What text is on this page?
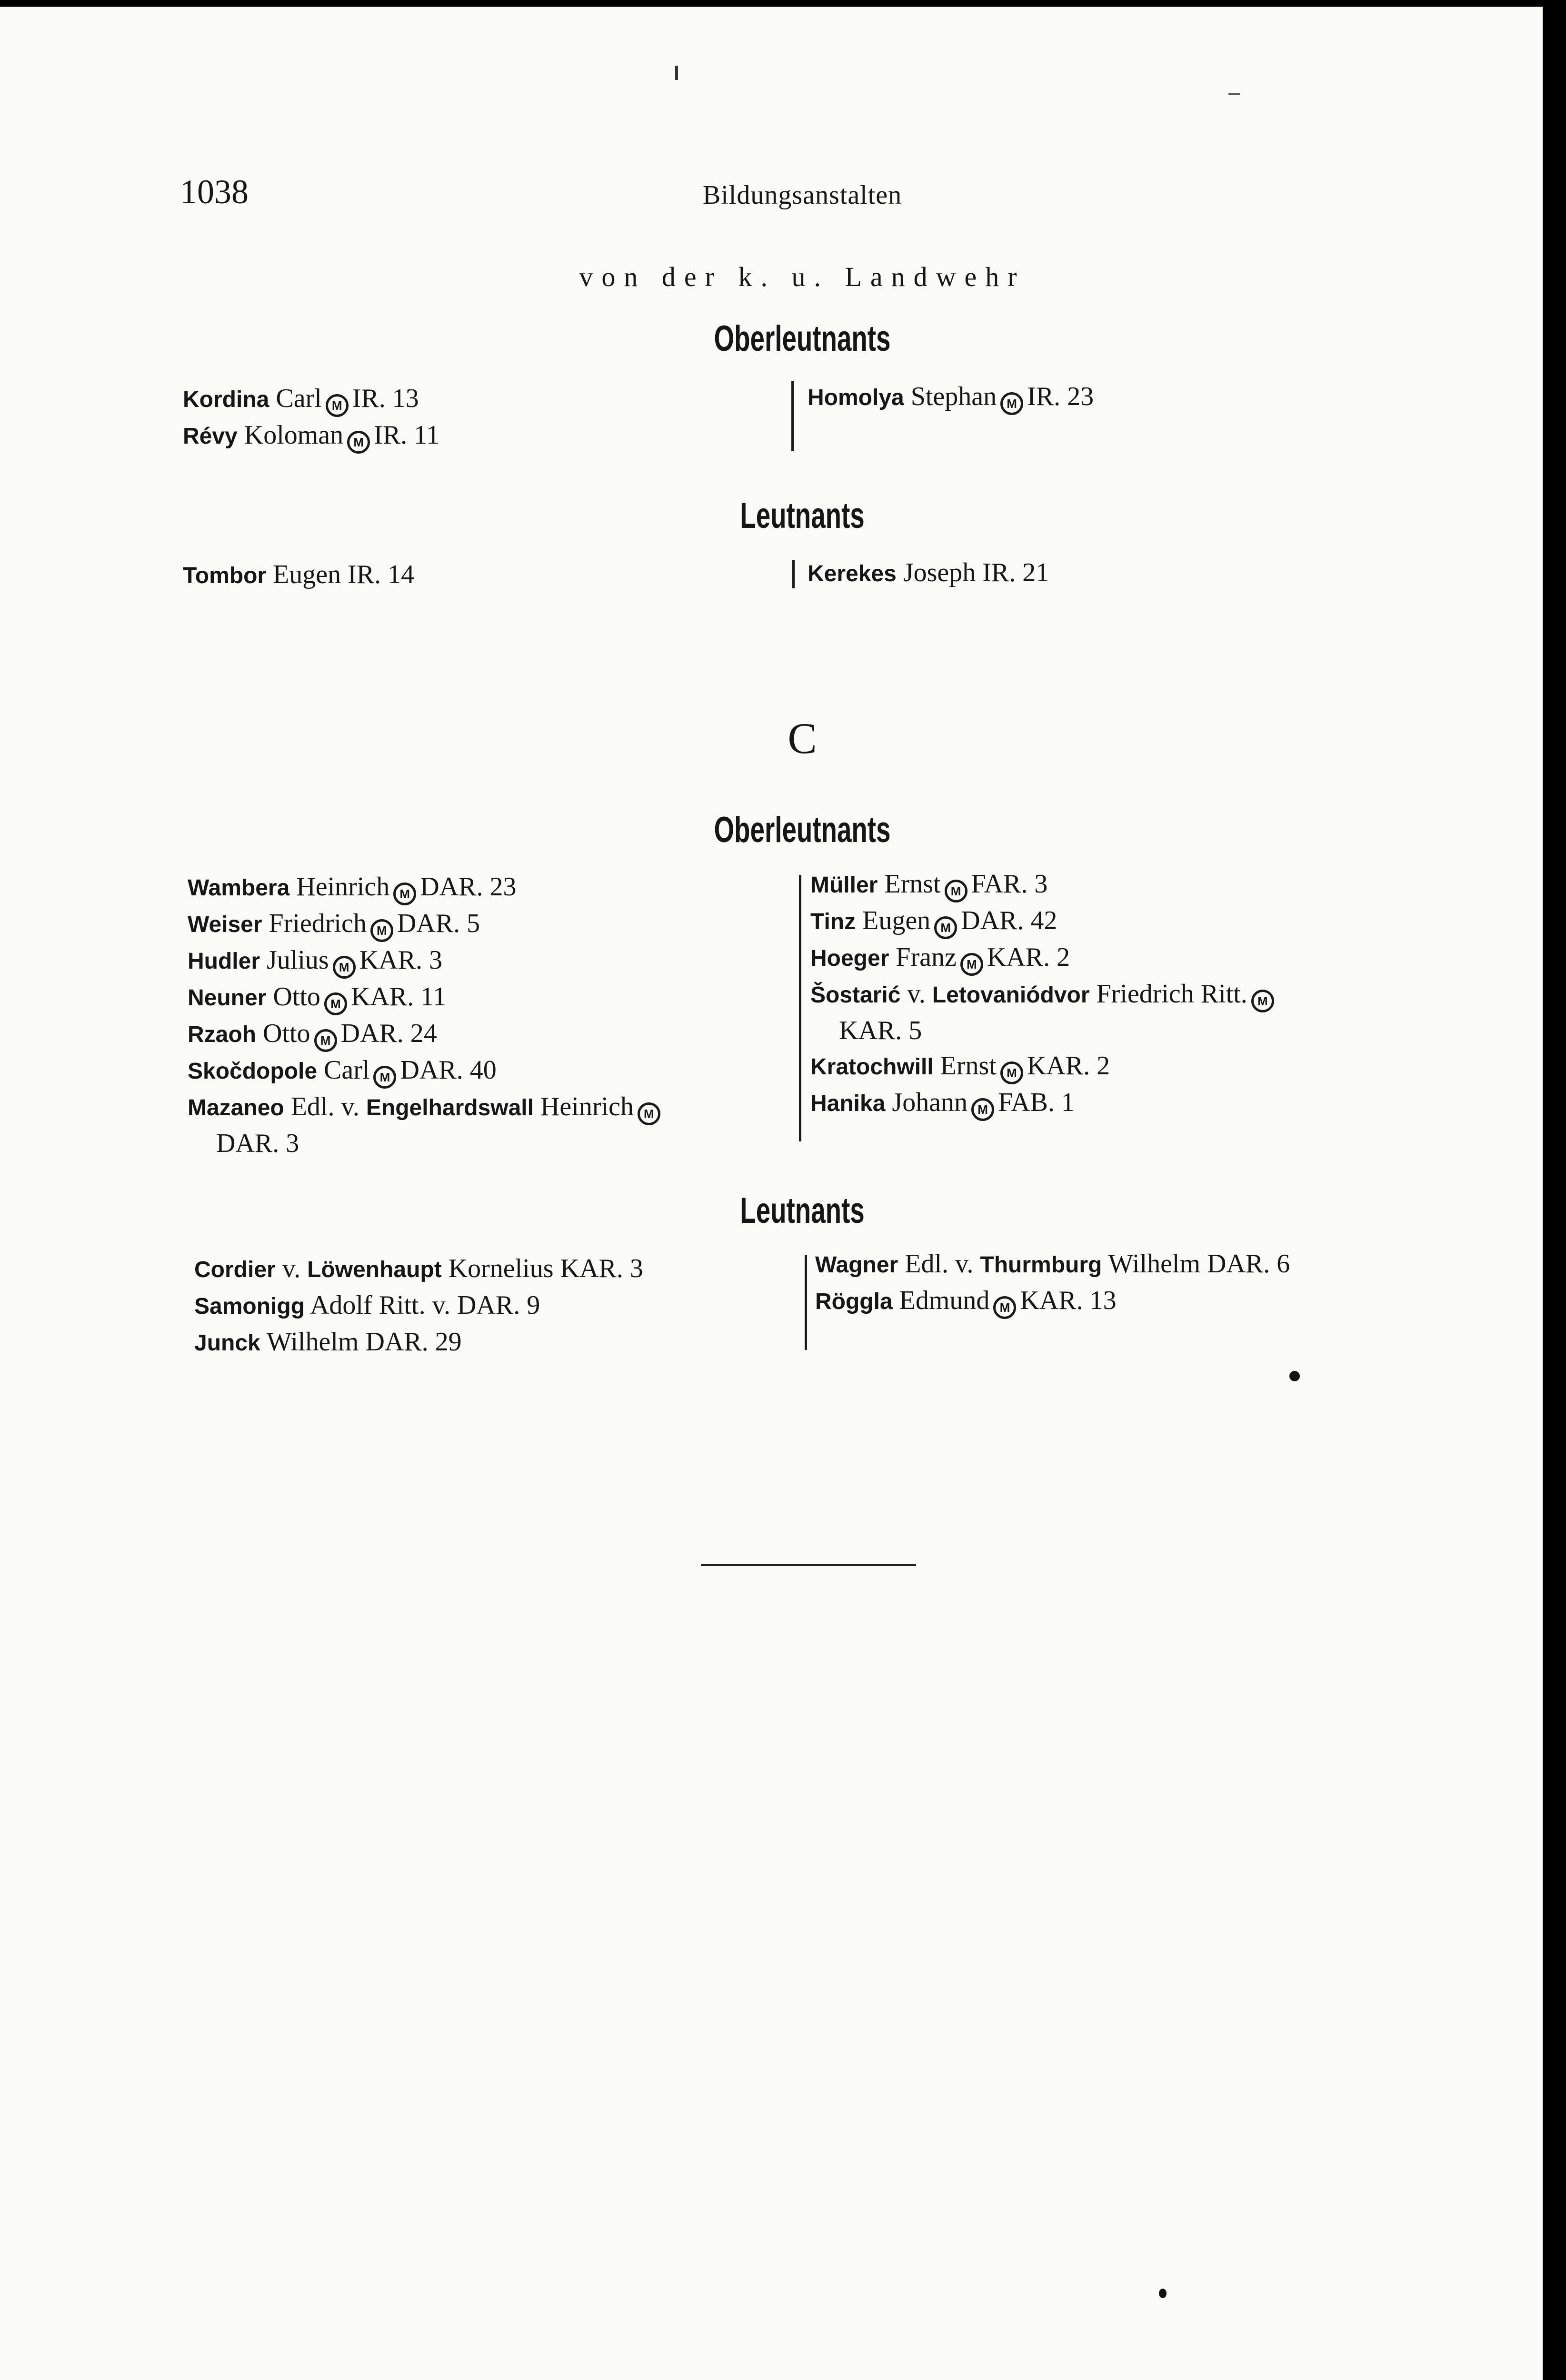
1038	Bildungsanstalten
von der k. u. Landwehr
Oberleutnants
Kordina Carl M IR. 13
Révy Koloman M IR. 11
Homolya Stephan M IR. 23
Leutnants
Tombor Eugen IR. 14	Kerekes Joseph IR. 21
C
Oberleutnants
Wambera Heinrich M DAR. 23
Weiser Friedrich M DAR. 5
Hudler Julius M KAR. 3
Neuner Otto M KAR. 11
Rzaoh Otto M DAR. 24
Skočdopole Carl M DAR. 40
Mazaneo Edl. v. Engelhardswall Heinrich M
DAR. 3
Müller Ernst M FAR. 3
Tinz Eugen M DAR. 42
Hoeger Franz M KAR. 2
Šostarić v. Letovaniódvor Friedrich Ritt. M
KAR. 5
Kratochwill Ernst M KAR. 2
Hanika Johann M FAB. 1
Leutnants
Cordier v. Löwenhaupt Kornelius KAR. 3
Samonigg Adolf Ritt. v. DAR. 9
Junck Wilhelm DAR. 29
Wagner Edl. v. Thurmburg Wilhelm DAR. 6
Röggla Edmund M KAR. 13
